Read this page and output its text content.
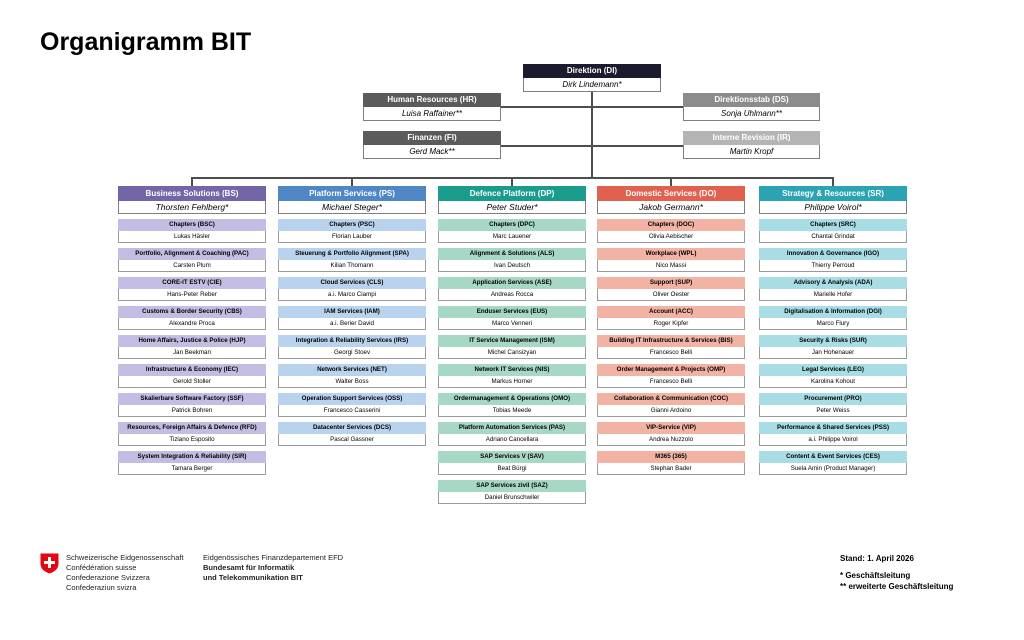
Organigramm BIT
Direktion (DI)
Dirk Lindemann*
Human Resources (HR)
Luisa Raffainer**
Direktionsstab (DS)
Sonja Uhlmann**
Finanzen (FI)
Gerd Mack**
Interne Revision (IR)
Martin Kropf
Business Solutions (BS)
Thorsten Fehlberg*
Chapters (BSC)
Lukas Häsler
Portfolio, Alignment & Coaching (PAC)
Carsten Plum
CORE-IT ESTV (CIE)
Hans-Peter Reber
Customs & Border Security (CBS)
Alexandre Proca
Home Affairs, Justice & Police (HJP)
Jan Beekman
Infrastructure & Economy (IEC)
Gerold Stoller
Skalierbare Software Factory (SSF)
Patrick Bohren
Resources, Foreign Affairs & Defence (RFD)
Tiziano Esposito
System Integration & Reliability (SIR)
Tamara Berger
Platform Services (PS)
Michael Steger*
Chapters (PSC)
Florian Lauber
Steuerung & Portfolio Alignment (SPA)
Kilian Thomann
Cloud Services (CLS)
a.i. Marco Ciampi
IAM Services (IAM)
a.i. Berier David
Integration & Reliability Services (IRS)
Georgi Stoev
Network Services (NET)
Walter Boss
Operation Support Services (OSS)
Francesco Casserini
Datacenter Services (DCS)
Pascal Gassner
Defence Platform (DP)
Peter Studer*
Chapters (DPC)
Marc Lauener
Alignment & Solutions (ALS)
Ivan Deutsch
Application Services (ASE)
Andreas Rocca
Enduser Services (EUS)
Marco Venneri
IT Service Management (ISM)
Michel Cansizyan
Network IT Services (NIS)
Markus Horner
Ordermanagement & Operations (OMO)
Tobias Meede
Platform Automation Services (PAS)
Adriano Cancellara
SAP Services V (SAV)
Beat Bürgi
SAP Services zivil (SAZ)
Daniel Brunschwiler
Domestic Services (DO)
Jakob Germann*
Chapters (DOC)
Olivia Aebischer
Workplace (WPL)
Nico Massi
Support (SUP)
Oliver Oester
Account (ACC)
Roger Kipfer
Building IT Infrastructure & Services (BIS)
Francesco Belli
Order Management & Projects (OMP)
Francesco Belli
Collaboration & Communication (COC)
Gianni Ardoino
VIP-Service (VIP)
Andrea Nuzzolo
M365 (365)
Stephan Bader
Strategy & Resources (SR)
Philippe Voirol*
Chapters (SRC)
Chantal Grindat
Innovation & Governance (IGO)
Thierry Perroud
Advisory & Analysis (ADA)
Marielle Hofer
Digitalisation & Information (DGI)
Marco Flury
Security & Risks (SUR)
Jan Hohenauer
Legal Services (LEG)
Karolina Kohout
Procurement (PRO)
Peter Weiss
Performance & Shared Services (PSS)
a.i. Philippe Voirol
Content & Event Services (CES)
Suela Amin (Product Manager)
Schweizerische Eidgenossenschaft
Confédération suisse
Confederazione Svizzera
Confederaziun svizra
Eidgenössisches Finanzdepartement EFD
Bundesamt für Informatik
und Telekommunikation BIT
Stand: 1. April 2026
* Geschäftsleitung
** erweiterte Geschäftsleitung
